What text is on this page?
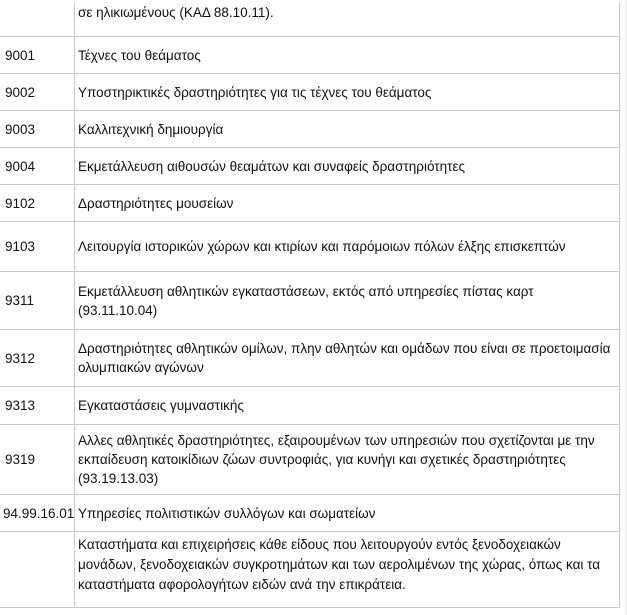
	σε ηλικιωμένους (ΚΑΔ 88.10.11).
9001	Τέχνες του θεάματος
9002	Υποστηρικτικές δραστηριότητες για τις τέχνες του θεάματος
9003	Καλλιτεχνική δημιουργία
9004	Εκμετάλλευση αιθουσών θεαμάτων και συναφείς δραστηριότητες
9102	Δραστηριότητες μουσείων
9103	Λειτουργία ιστορικών χώρων και κτιρίων και παρόμοιων πόλων έλξης επισκεπτών
9311	Εκμετάλλευση αθλητικών εγκαταστάσεων, εκτός από υπηρεσίες πίστας καρτ (93.11.10.04)
9312	Δραστηριότητες αθλητικών ομίλων, πλην αθλητών και ομάδων που είναι σε προετοιμασία ολυμπιακών αγώνων
9313	Εγκαταστάσεις γυμναστικής
9319	Αλλες αθλητικές δραστηριότητες, εξαιρουμένων των υπηρεσιών που σχετίζονται με την εκπαίδευση κατοικίδιων ζώων συντροφιάς, για κυνήγι και σχετικές δραστηριότητες (93.19.13.03)
94.99.16.01	Υπηρεσίες πολιτιστικών συλλόγων και σωματείων
	Καταστήματα και επιχειρήσεις κάθε είδους που λειτουργούν εντός ξενοδοχειακών μονάδων, ξενοδοχειακών συγκροτημάτων και των αερολιμένων της χώρας, όπως και τα καταστήματα αφορολογήτων ειδών ανά την επικράτεια.
